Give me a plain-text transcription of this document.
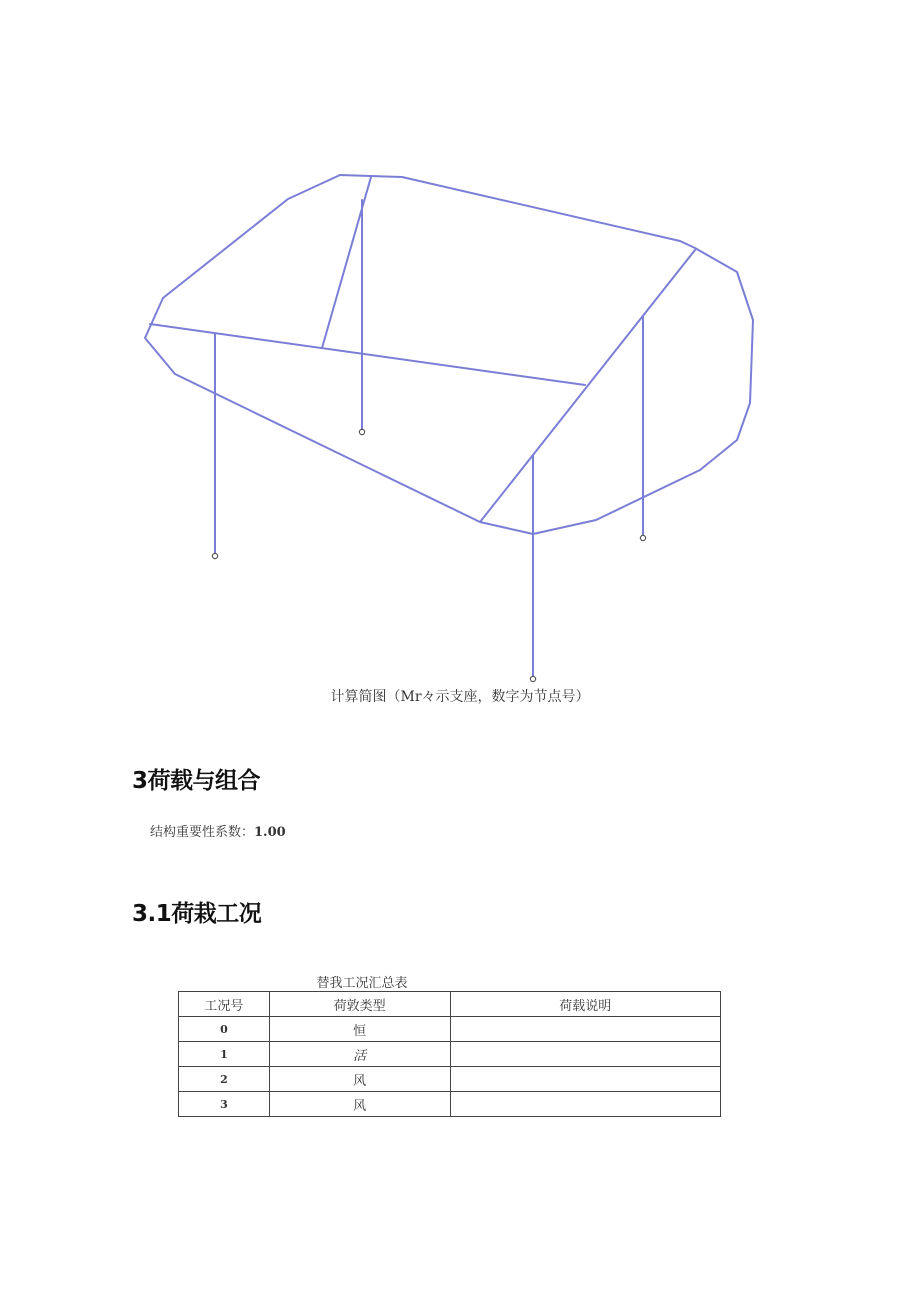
计算简图（Mr々示支座，数字为节点号）
3荷载与组合
结构重要性系数：1.00
3.1荷栽工况
替我工况汇总表
工况号	荷敦类型	荷载说明
0	恒	
1	活	
2	风	
3	风	
